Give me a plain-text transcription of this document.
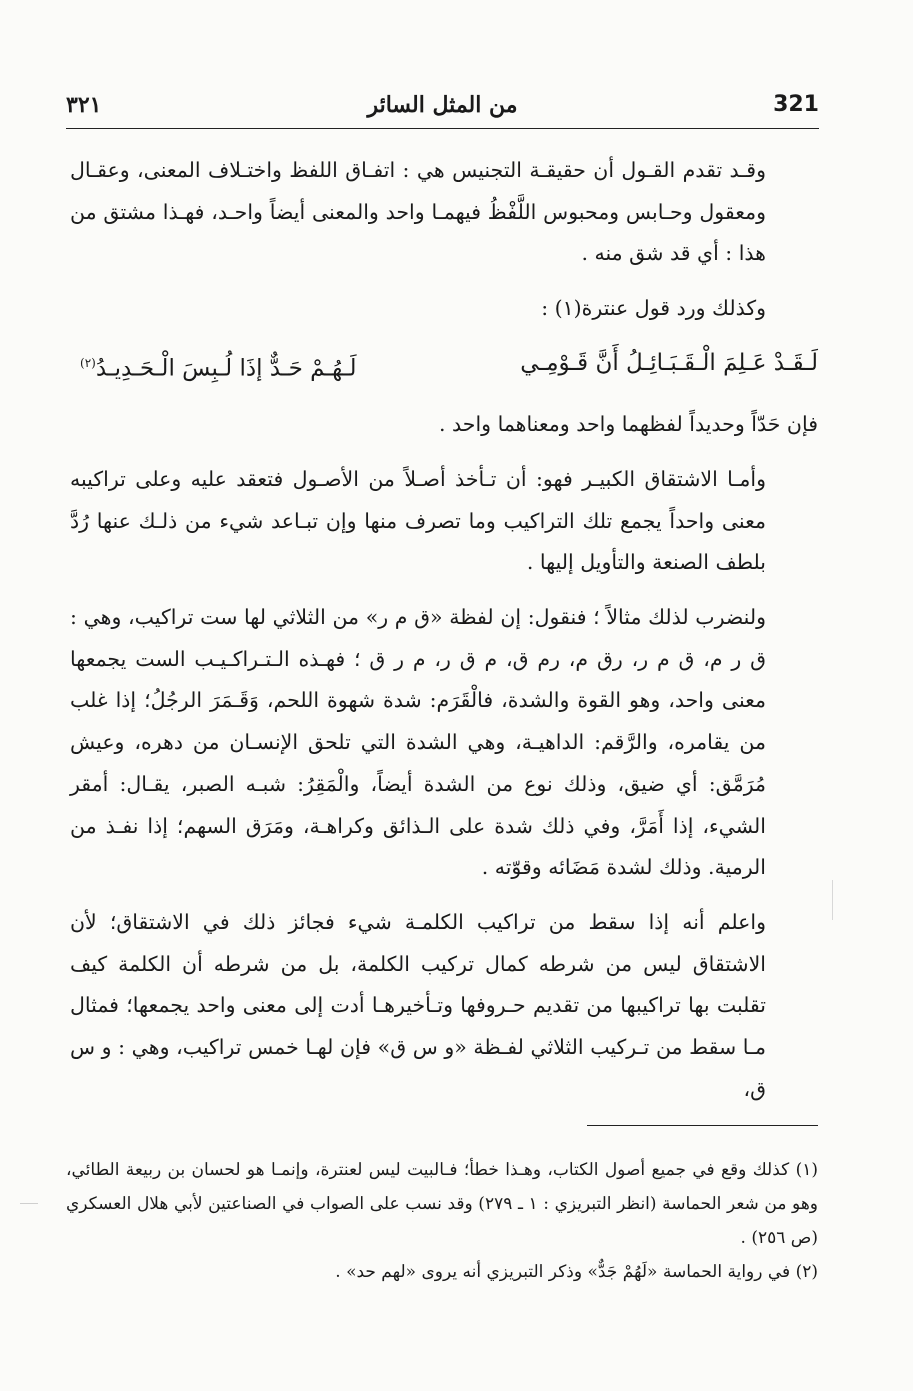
321
من المثل السائر
٣٢١

وقـد تقدم القـول أن حقيقـة التجنيس هي : اتفـاق اللفظ واختـلاف المعنى، وعقـال ومعقول وحـابس ومحبوس اللَّفْظُ فيهمـا واحد والمعنى أيضاً واحـد، فهـذا مشتق من هذا : أي قد شق منه .

وكذلك ورد قول عنترة(١) :

لَـقَـدْ عَـلِمَ الْـقَـبَـائِـلُ أَنَّ قَـوْمِـي
لَـهُـمْ حَـدٌّ إذَا لُـبِسَ الْـحَـدِيـدُ$^{(٢)}$

فإن حَدّاً وحديداً لفظهما واحد ومعناهما واحد .

وأمـا الاشتقاق الكبيـر فهو: أن تـأخذ أصـلاً من الأصـول فتعقد عليه وعلى تراكيبه معنى واحداً يجمع تلك التراكيب وما تصرف منها وإن تبـاعد شيء من ذلـك عنها رُدَّ بلطف الصنعة والتأويل إليها .

ولنضرب لذلك مثالاً ؛ فنقول: إن لفظة «ق م ر» من الثلاثي لها ست تراكيب، وهي : ق ر م، ق م ر، رق م، رم ق، م ق ر، م ر ق ؛ فهـذه الـتـراكـيـب الست يجمعها معنى واحد، وهو القوة والشدة، فالْقَرَم: شدة شهوة اللحم، وَقَـمَرَ الرجُلُ؛ إذا غلب من يقامره، والرَّقم: الداهيـة، وهي الشدة التي تلحق الإنسـان من دهره، وعيش مُرَمَّق: أي ضيق، وذلك نوع من الشدة أيضاً، والْمَقِرُ: شبـه الصبر، يقـال: أمقر الشيء، إذا أَمَرَّ، وفي ذلك شدة على الـذائق وكراهـة، ومَرَق السهم؛ إذا نفـذ من الرمية. وذلك لشدة مَضَائه وقوّته .

واعلم أنه إذا سقط من تراكيب الكلمـة شيء فجائز ذلك في الاشتقاق؛ لأن الاشتقاق ليس من شرطه كمال تركيب الكلمة، بل من شرطه أن الكلمة كيف تقلبت بها تراكيبها من تقديم حـروفها وتـأخيرهـا أدت إلى معنى واحد يجمعها؛ فمثال مـا سقط من تـركيب الثلاثي لفـظة «و س ق» فإن لهـا خمس تراكيب، وهي : و س ق،

(١) كذلك وقع في جميع أصول الكتاب، وهـذا خطأ؛ فـالبيت ليس لعنترة، وإنمـا هو لحسان بن ربيعة الطائي، وهو من شعر الحماسة (انظر التبريزي : ١ ـ ٢٧٩) وقد نسب على الصواب في الصناعتين لأبي هلال العسكري (ص ٢٥٦) .

(٢) في رواية الحماسة «لَهُمْ جَدٌّ» وذكر التبريزي أنه يروى «لهم حد» .
